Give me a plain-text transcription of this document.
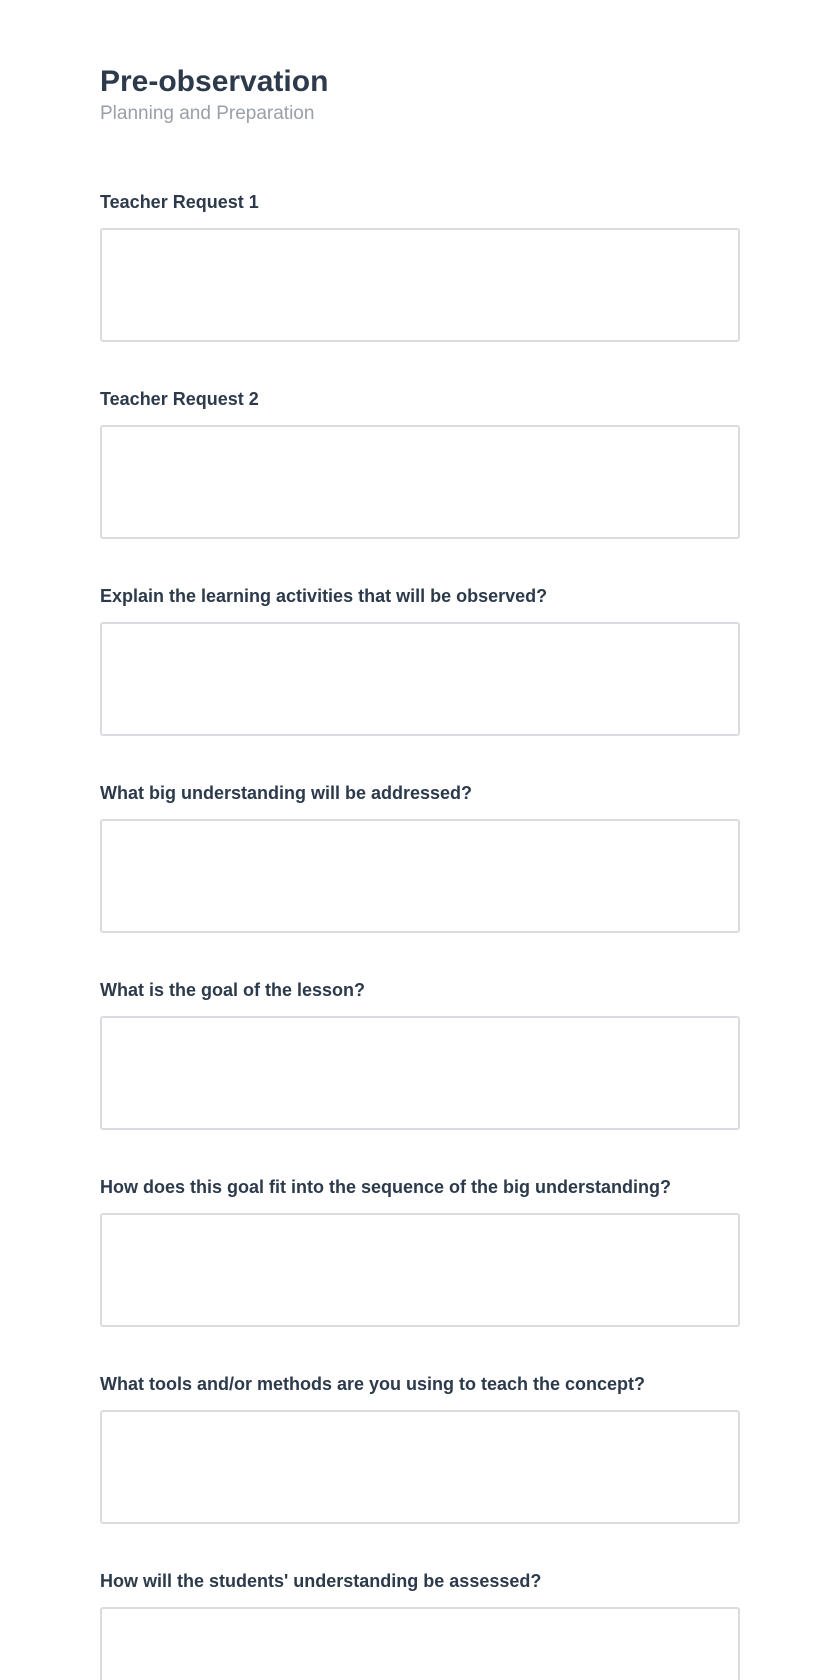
Pre-observation

Planning and Preparation

Teacher Request 1
Teacher Request 2
Explain the learning activities that will be observed?
What big understanding will be addressed?
What is the goal of the lesson?
How does this goal fit into the sequence of the big understanding?
What tools and/or methods are you using to teach the concept?
How will the students' understanding be assessed?
